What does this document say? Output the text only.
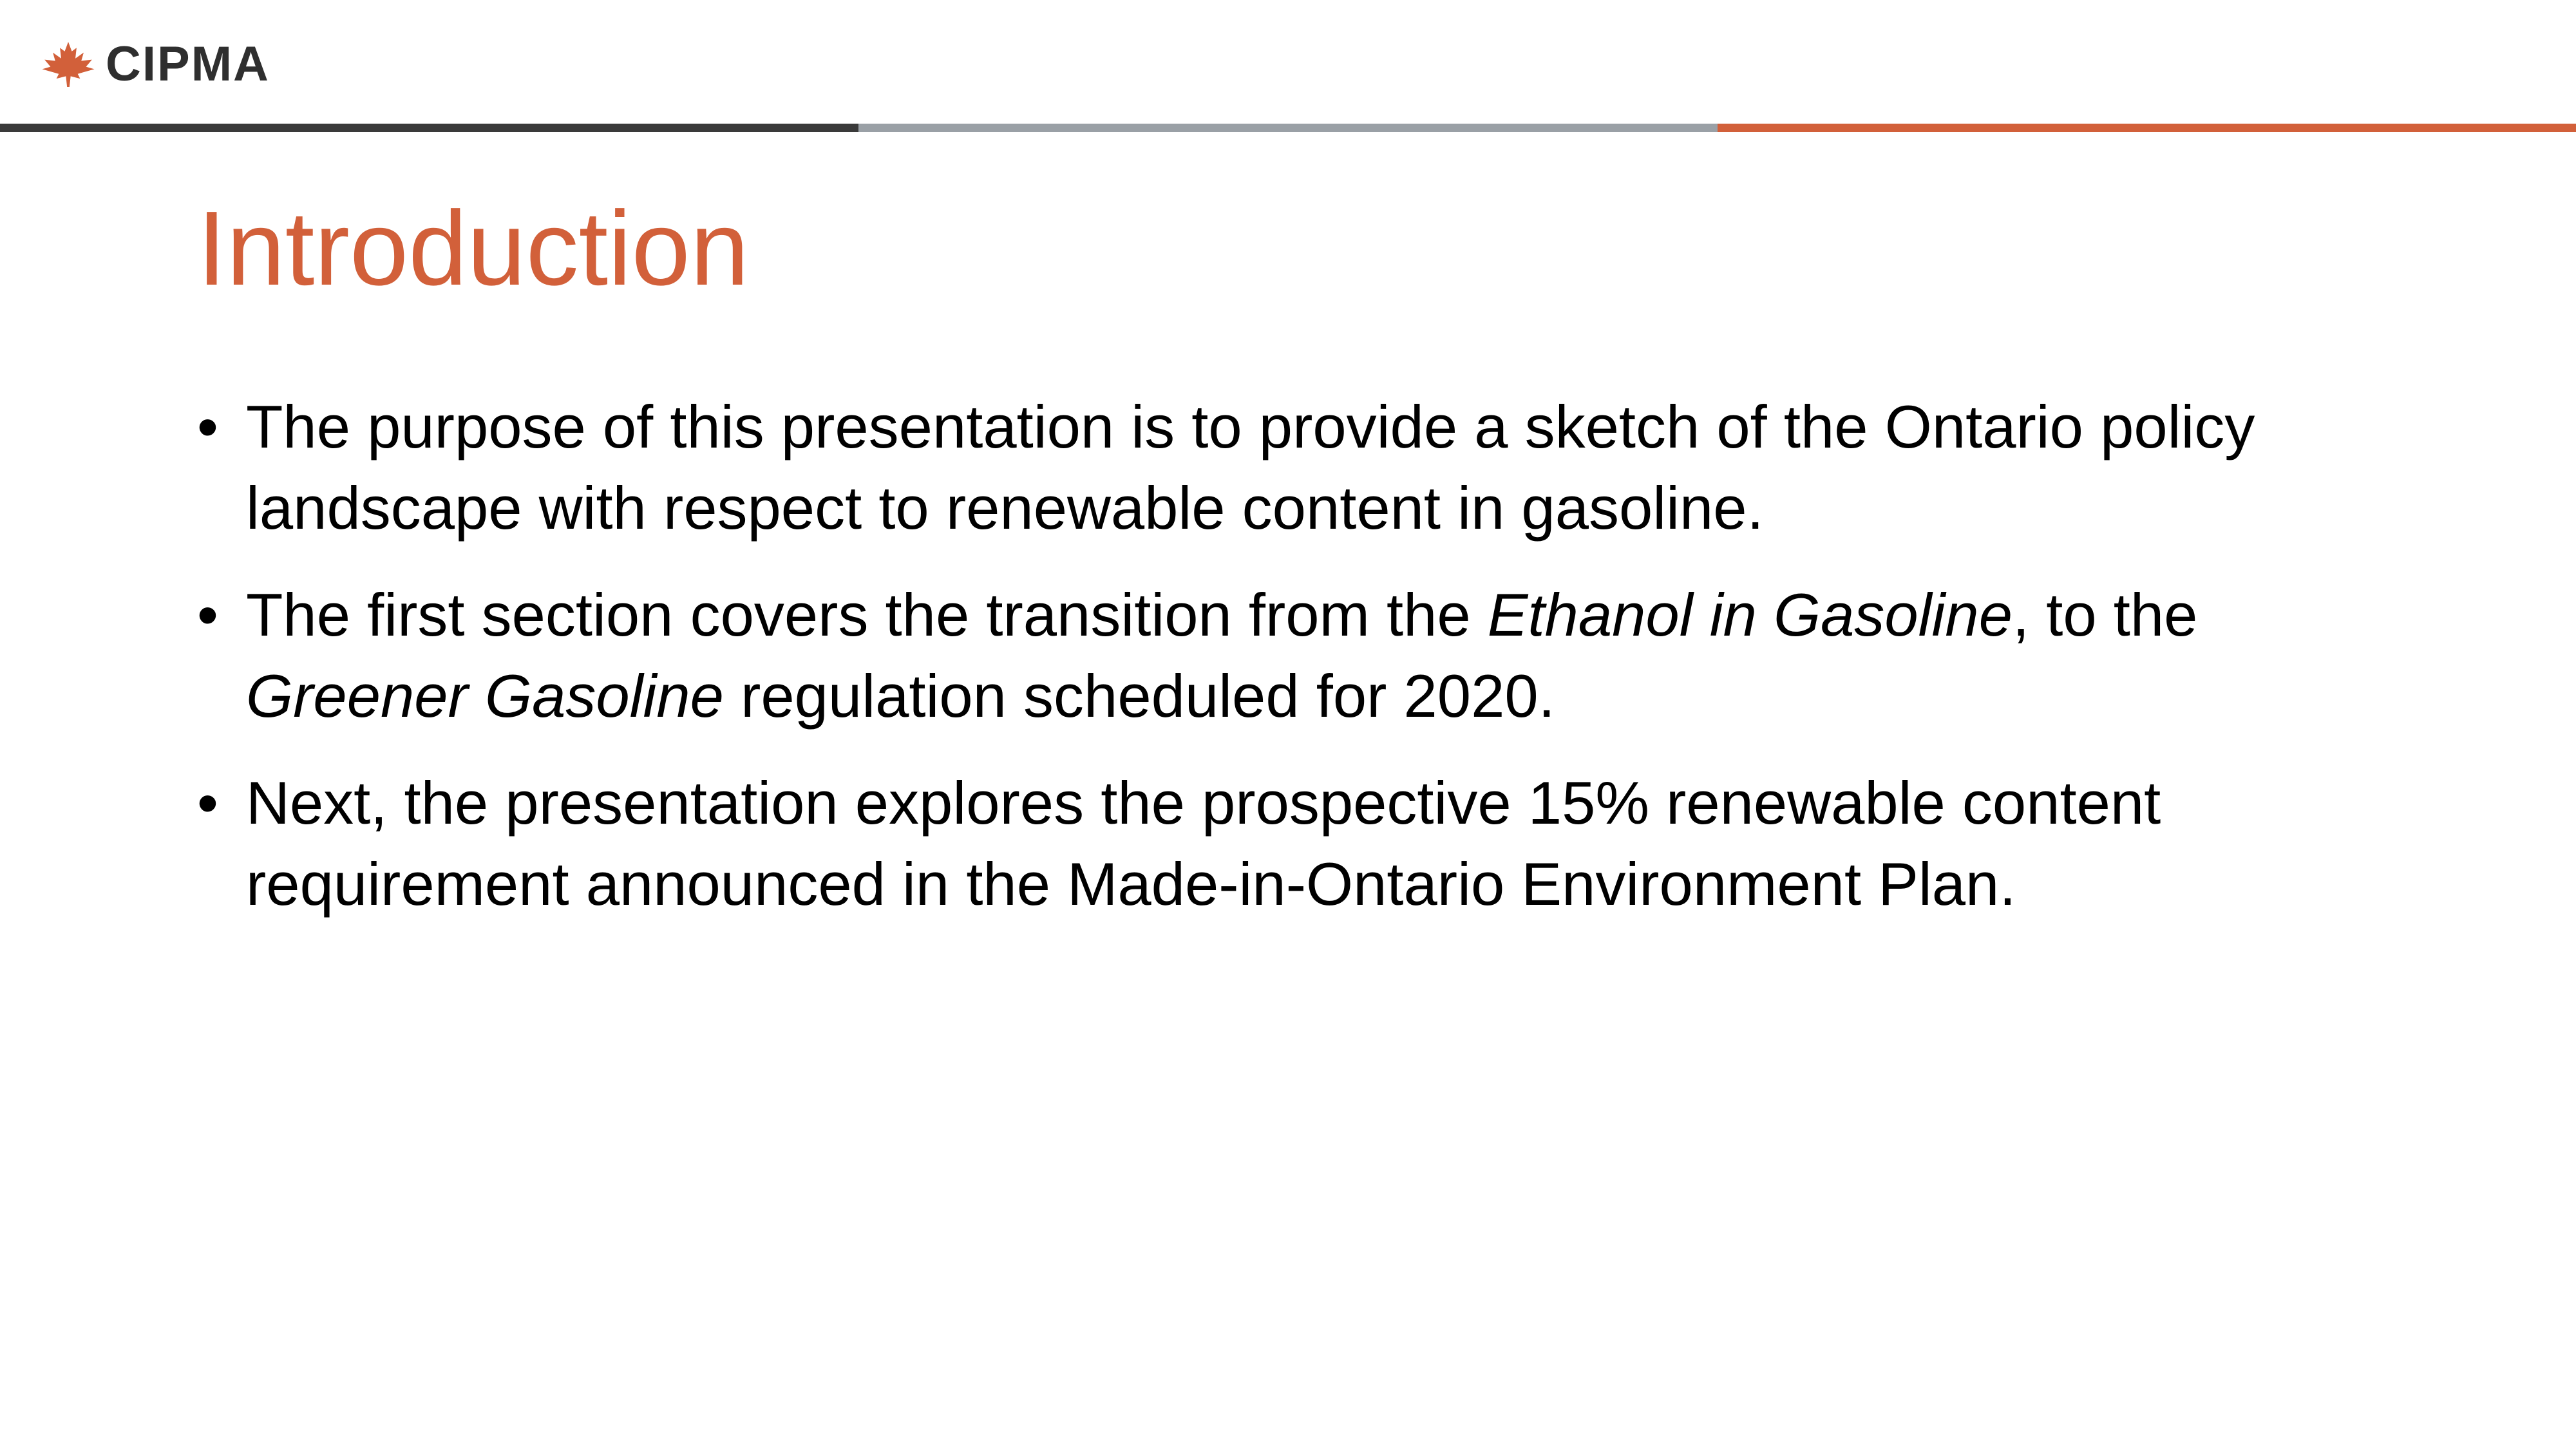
CIPMA
Introduction
• The purpose of this presentation is to provide a sketch of the Ontario policy landscape with respect to renewable content in gasoline.
• The first section covers the transition from the Ethanol in Gasoline, to the Greener Gasoline regulation scheduled for 2020.
• Next, the presentation explores the prospective 15% renewable content requirement announced in the Made-in-Ontario Environment Plan.
